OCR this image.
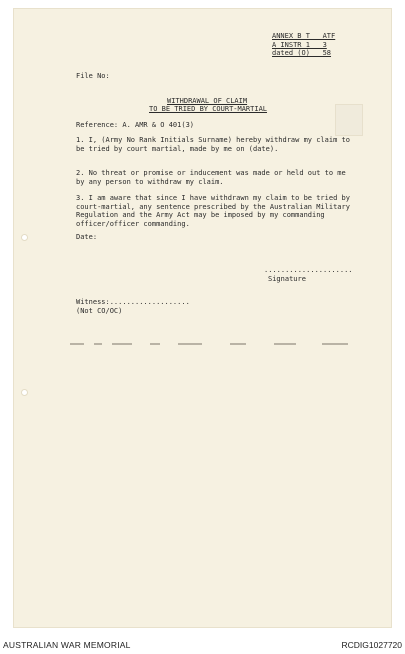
ANNEX B T   ATF
A INSTR 1   3
dated (O)   58
File No:
WITHDRAWAL OF CLAIM
TO BE TRIED BY COURT-MARTIAL
Reference: A. AMR & O 401(3)
1. I, (Army No Rank Initials Surname) hereby withdraw my claim to be tried by court martial, made by me on (date).
2. No threat or promise or inducement was made or held out to me by any person to withdraw my claim.
3. I am aware that since I have withdrawn my claim to be tried by court-martial, any sentence prescribed by the Australian Military Regulation and the Army Act may be imposed by my commanding officer/officer commanding.
Date:
.....................
Signature
Witness:...................
(Not CO/OC)
AUSTRALIAN WAR MEMORIAL	RCDIG1027720
